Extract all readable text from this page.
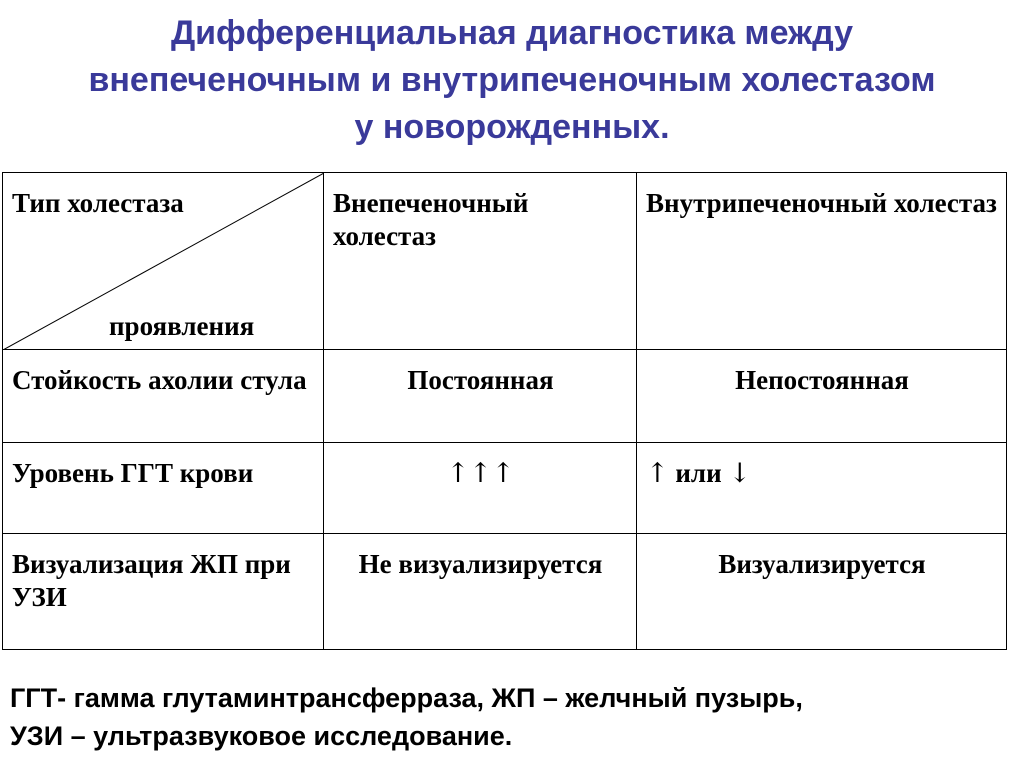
Дифференциальная диагностика между
внепеченочным и внутрипеченочным холестазом
у новорожденных.
Тип холестаза
проявления	Внепеченочный холестаз	Внутрипеченочный холестаз
Стойкость ахолии стула	Постоянная	Непостоянная
Уровень ГГТ крови	↑↑↑	↑ или ↓
Визуализация ЖП при УЗИ	Не визуализируется	Визуализируется

ГГТ- гамма глутаминтрансферраза, ЖП – желчный пузырь,
УЗИ – ультразвуковое исследование.
